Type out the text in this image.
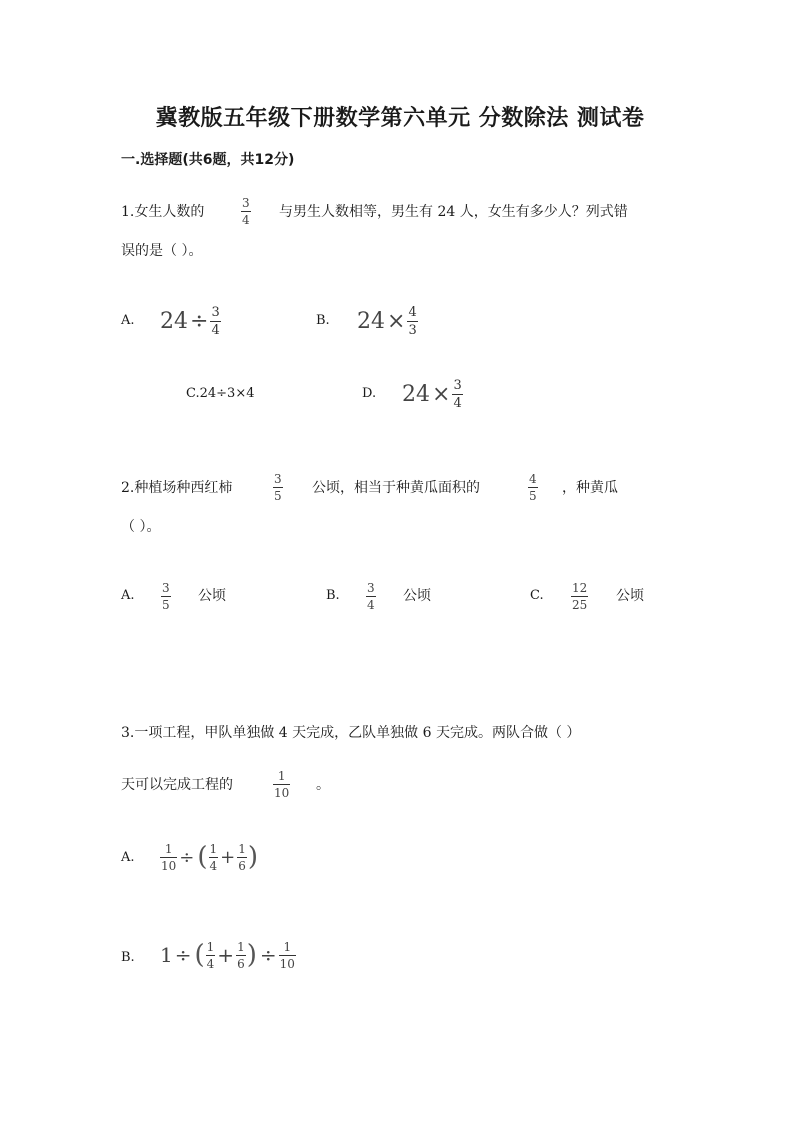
冀教版五年级下册数学第六单元 分数除法 测试卷
一.选择题(共6题，共12分)
1.女生人数的	$\frac{3}{4}$ 与男生人数相等，男生有 24 人，女生有多少人？列式错
误的是（ ）。
A. $24 \div \frac{3}{4}$	B. $24 \times \frac{4}{3}$
C.24÷3×4	D. $24 \times \frac{3}{4}$
2.种植场种西红柿	$\frac{3}{5}$ 公顷，相当于种黄瓜面积的	$\frac{4}{5}$ ，种黄瓜
（ ）。
A. $\frac{3}{5}$ 公顷	B. $\frac{3}{4}$ 公顷	C. $\frac{12}{25}$ 公顷
3.一项工程，甲队单独做 4 天完成，乙队单独做 6 天完成。两队合做（ ）
天可以完成工程的	$\frac{1}{10}$ 。
A. $\frac{1}{10}$ ÷ ( $\frac{1}{4} + \frac{1}{6}$ )
B. 1 ÷ ( $\frac{1}{4} + \frac{1}{6}$ ) ÷ $\frac{1}{10}$
